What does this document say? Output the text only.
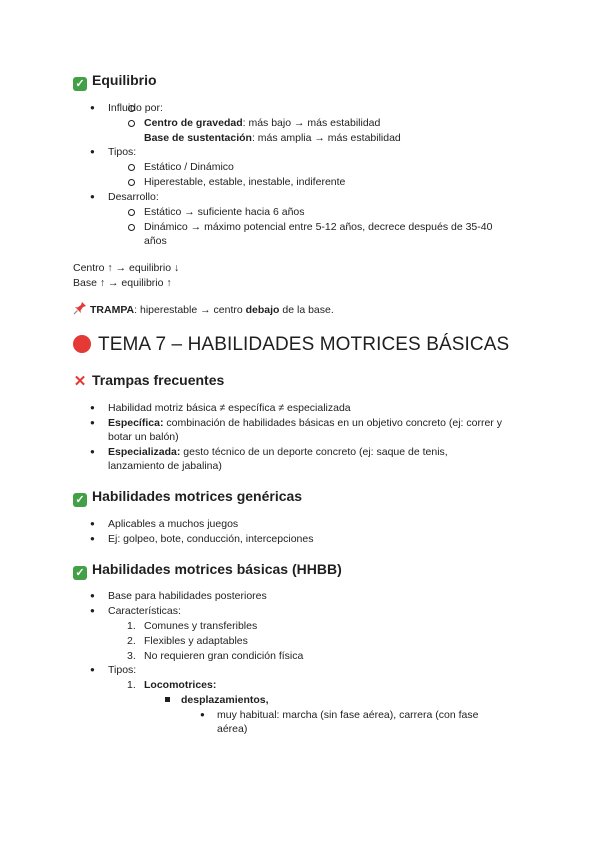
✓ Equilibrio
● Influido por:
Centro de gravedad: más bajo → más estabilidad
Base de sustentación: más amplia → más estabilidad
● Tipos:
Estático / Dinámico
Hiperestable, estable, inestable, indiferente
● Desarrollo:
Estático → suficiente hacia 6 años
Dinámico → máximo potencial entre 5-12 años, decrece después de 35-40
años
Centro ↑ → equilibrio ↓
Base ↑ → equilibrio ↑
TRAMPA: hiperestable → centro debajo de la base.
TEMA 7 – HABILIDADES MOTRICES BÁSICAS
✕ Trampas frecuentes
● Habilidad motriz básica ≠ específica ≠ especializada
● Específica: combinación de habilidades básicas en un objetivo concreto (ej: correr y
botar un balón)
● Especializada: gesto técnico de un deporte concreto (ej: saque de tenis,
lanzamiento de jabalina)
✓ Habilidades motrices genéricas
● Aplicables a muchos juegos
● Ej: golpeo, bote, conducción, intercepciones
✓ Habilidades motrices básicas (HHBB)
● Base para habilidades posteriores
● Características:
1. Comunes y transferibles
2. Flexibles y adaptables
3. No requieren gran condición física
● Tipos:
1. Locomotrices:
desplazamientos,
● muy habitual: marcha (sin fase aérea), carrera (con fase
aérea)
